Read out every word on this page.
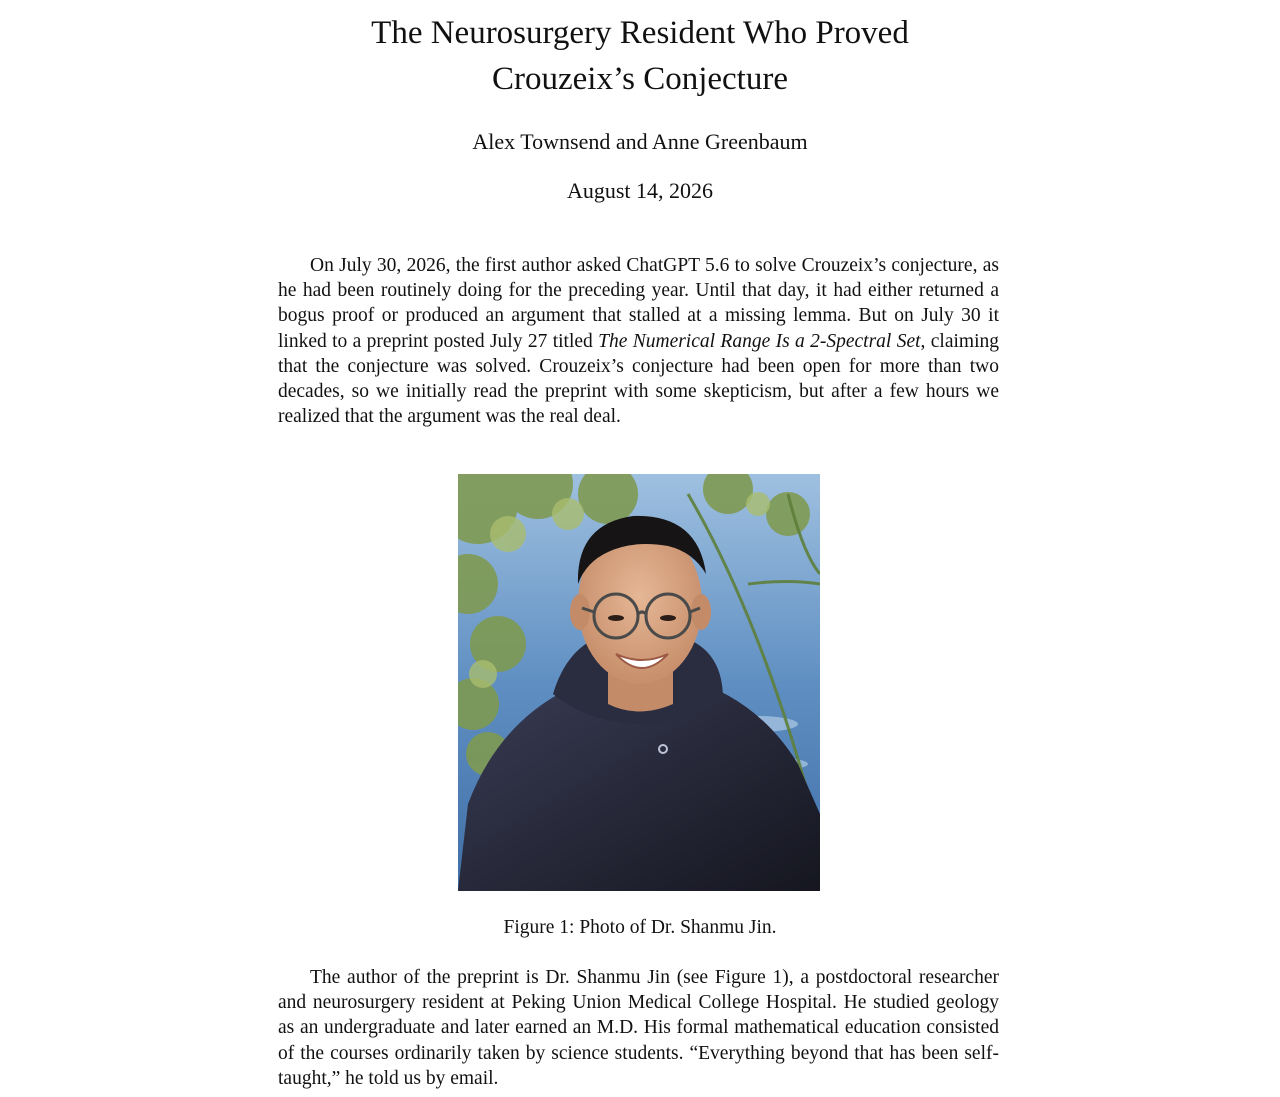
The Neurosurgery Resident Who Proved
Crouzeix’s Conjecture
Alex Townsend and Anne Greenbaum
August 14, 2026

On July 30, 2026, the first author asked ChatGPT 5.6 to solve Crouzeix’s conjecture, as he had been routinely doing for the preceding year. Until that day, it had either returned a bogus proof or produced an argument that stalled at a missing lemma. But on July 30 it linked to a preprint posted July 27 titled The Numerical Range Is a 2-Spectral Set, claiming that the conjecture was solved. Crouzeix’s conjecture had been open for more than two decades, so we initially read the preprint with some skepticism, but after a few hours we realized that the argument was the real deal.

Figure 1: Photo of Dr. Shanmu Jin.

The author of the preprint is Dr. Shanmu Jin (see Figure 1), a postdoctoral researcher and neurosurgery resident at Peking Union Medical College Hospital. He studied geology as an undergraduate and later earned an M.D. His formal mathematical education consisted of the courses ordinarily taken by science students. “Everything beyond that has been self-taught,” he told us by email.
